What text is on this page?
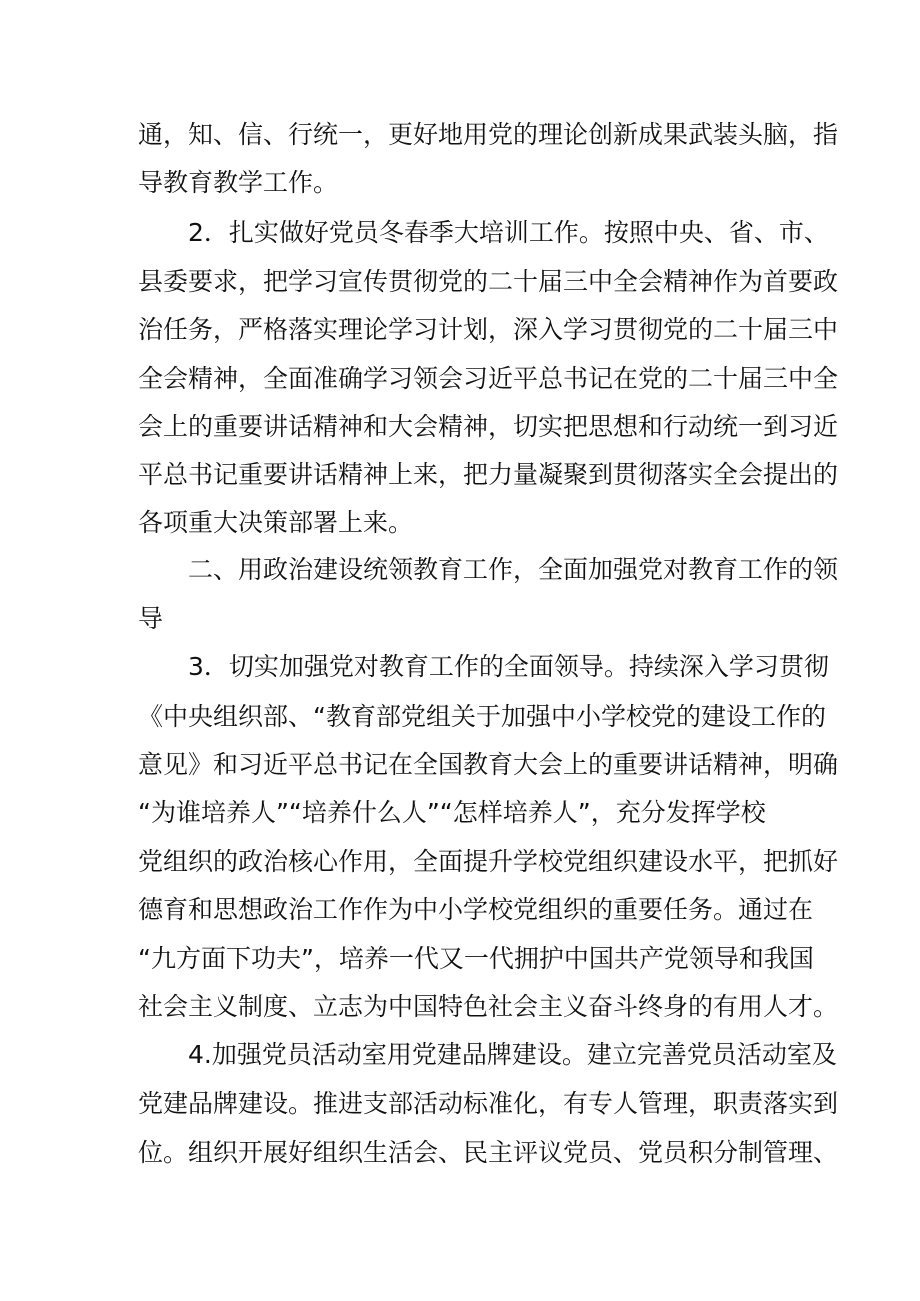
通，知、信、行统一，更好地用党的理论创新成果武装头脑，指
导教育教学工作。
2．扎实做好党员冬春季大培训工作。按照中央、省、市、
县委要求，把学习宣传贯彻党的二十届三中全会精神作为首要政
治任务，严格落实理论学习计划，深入学习贯彻党的二十届三中
全会精神，全面准确学习领会习近平总书记在党的二十届三中全
会上的重要讲话精神和大会精神，切实把思想和行动统一到习近
平总书记重要讲话精神上来，把力量凝聚到贯彻落实全会提出的
各项重大决策部署上来。
二、用政治建设统领教育工作，全面加强党对教育工作的领
导
3．切实加强党对教育工作的全面领导。持续深入学习贯彻
《中央组织部、“教育部党组关于加强中小学校党的建设工作的
意见》和习近平总书记在全国教育大会上的重要讲话精神，明确
“为谁培养人”“培养什么人”“怎样培养人”，充分发挥学校
党组织的政治核心作用，全面提升学校党组织建设水平，把抓好
德育和思想政治工作作为中小学校党组织的重要任务。通过在
“九方面下功夫”，培养一代又一代拥护中国共产党领导和我国
社会主义制度、立志为中国特色社会主义奋斗终身的有用人才。
4.加强党员活动室用党建品牌建设。建立完善党员活动室及
党建品牌建设。推进支部活动标准化，有专人管理，职责落实到
位。组织开展好组织生活会、民主评议党员、党员积分制管理、
